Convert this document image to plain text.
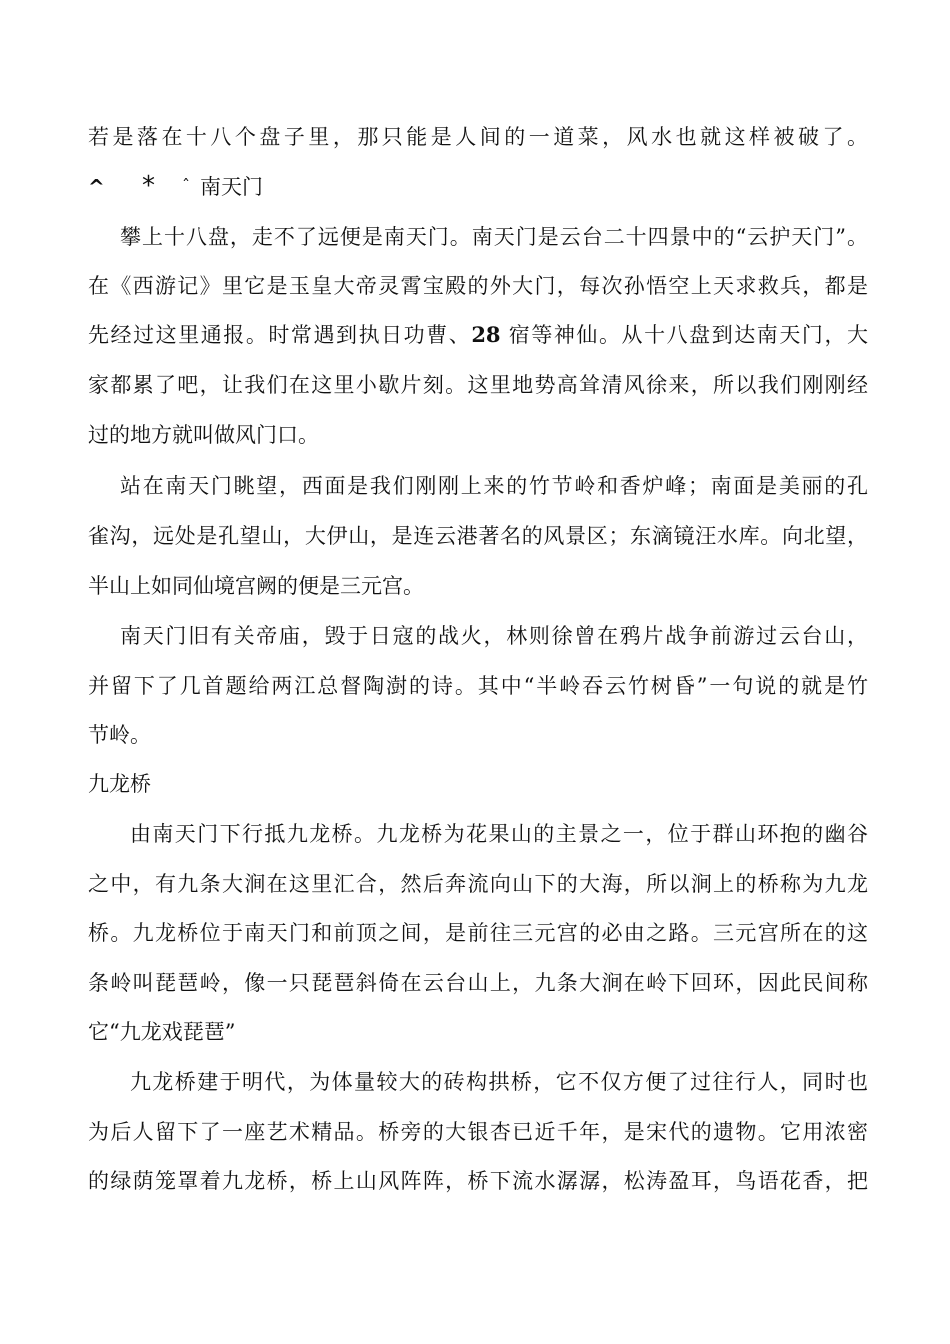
若是落在十八个盘子里，那只能是人间的一道菜，风水也就这样被破了。
^ * ˆ 南天门
攀上十八盘，走不了远便是南天门。南天门是云台二十四景中的“云护天门”。
在《西游记》里它是玉皇大帝灵霄宝殿的外大门，每次孙悟空上天求救兵，都是
先经过这里通报。时常遇到执日功曹、28 宿等神仙。从十八盘到达南天门，大
家都累了吧，让我们在这里小歇片刻。这里地势高耸清风徐来，所以我们刚刚经
过的地方就叫做风门口。
站在南天门眺望，西面是我们刚刚上来的竹节岭和香炉峰；南面是美丽的孔
雀沟，远处是孔望山，大伊山，是连云港著名的风景区；东滴镜汪水库。向北望，
半山上如同仙境宫阙的便是三元宫。
南天门旧有关帝庙，毁于日寇的战火，林则徐曾在鸦片战争前游过云台山，
并留下了几首题给两江总督陶澍的诗。其中“半岭吞云竹树昏”一句说的就是竹
节岭。
九龙桥
由南天门下行抵九龙桥。九龙桥为花果山的主景之一，位于群山环抱的幽谷
之中，有九条大涧在这里汇合，然后奔流向山下的大海，所以涧上的桥称为九龙
桥。九龙桥位于南天门和前顶之间，是前往三元宫的必由之路。三元宫所在的这
条岭叫琵琶岭，像一只琵琶斜倚在云台山上，九条大涧在岭下回环，因此民间称
它“九龙戏琵琶”
九龙桥建于明代，为体量较大的砖构拱桥，它不仅方便了过往行人，同时也
为后人留下了一座艺术精品。桥旁的大银杏已近千年，是宋代的遗物。它用浓密
的绿荫笼罩着九龙桥，桥上山风阵阵，桥下流水潺潺，松涛盈耳，鸟语花香，把
